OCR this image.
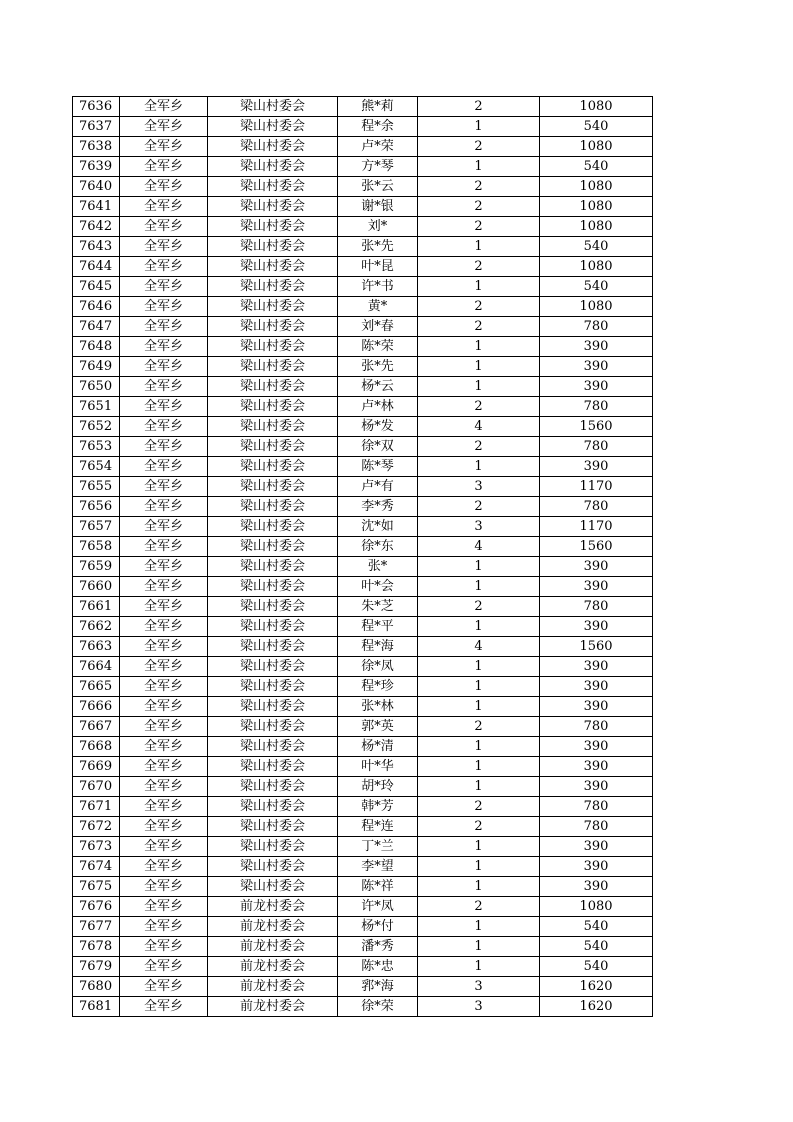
7636	全军乡	梁山村委会	熊*莉	2	1080
7637	全军乡	梁山村委会	程*余	1	540
7638	全军乡	梁山村委会	卢*荣	2	1080
7639	全军乡	梁山村委会	方*琴	1	540
7640	全军乡	梁山村委会	张*云	2	1080
7641	全军乡	梁山村委会	谢*银	2	1080
7642	全军乡	梁山村委会	刘*	2	1080
7643	全军乡	梁山村委会	张*先	1	540
7644	全军乡	梁山村委会	叶*昆	2	1080
7645	全军乡	梁山村委会	许*书	1	540
7646	全军乡	梁山村委会	黄*	2	1080
7647	全军乡	梁山村委会	刘*春	2	780
7648	全军乡	梁山村委会	陈*荣	1	390
7649	全军乡	梁山村委会	张*先	1	390
7650	全军乡	梁山村委会	杨*云	1	390
7651	全军乡	梁山村委会	卢*林	2	780
7652	全军乡	梁山村委会	杨*发	4	1560
7653	全军乡	梁山村委会	徐*双	2	780
7654	全军乡	梁山村委会	陈*琴	1	390
7655	全军乡	梁山村委会	卢*有	3	1170
7656	全军乡	梁山村委会	李*秀	2	780
7657	全军乡	梁山村委会	沈*如	3	1170
7658	全军乡	梁山村委会	徐*东	4	1560
7659	全军乡	梁山村委会	张*	1	390
7660	全军乡	梁山村委会	叶*会	1	390
7661	全军乡	梁山村委会	朱*芝	2	780
7662	全军乡	梁山村委会	程*平	1	390
7663	全军乡	梁山村委会	程*海	4	1560
7664	全军乡	梁山村委会	徐*凤	1	390
7665	全军乡	梁山村委会	程*珍	1	390
7666	全军乡	梁山村委会	张*林	1	390
7667	全军乡	梁山村委会	郭*英	2	780
7668	全军乡	梁山村委会	杨*清	1	390
7669	全军乡	梁山村委会	叶*华	1	390
7670	全军乡	梁山村委会	胡*玲	1	390
7671	全军乡	梁山村委会	韩*芳	2	780
7672	全军乡	梁山村委会	程*连	2	780
7673	全军乡	梁山村委会	丁*兰	1	390
7674	全军乡	梁山村委会	李*望	1	390
7675	全军乡	梁山村委会	陈*祥	1	390
7676	全军乡	前龙村委会	许*凤	2	1080
7677	全军乡	前龙村委会	杨*付	1	540
7678	全军乡	前龙村委会	潘*秀	1	540
7679	全军乡	前龙村委会	陈*忠	1	540
7680	全军乡	前龙村委会	郛*海	3	1620
7681	全军乡	前龙村委会	徐*荣	3	1620
